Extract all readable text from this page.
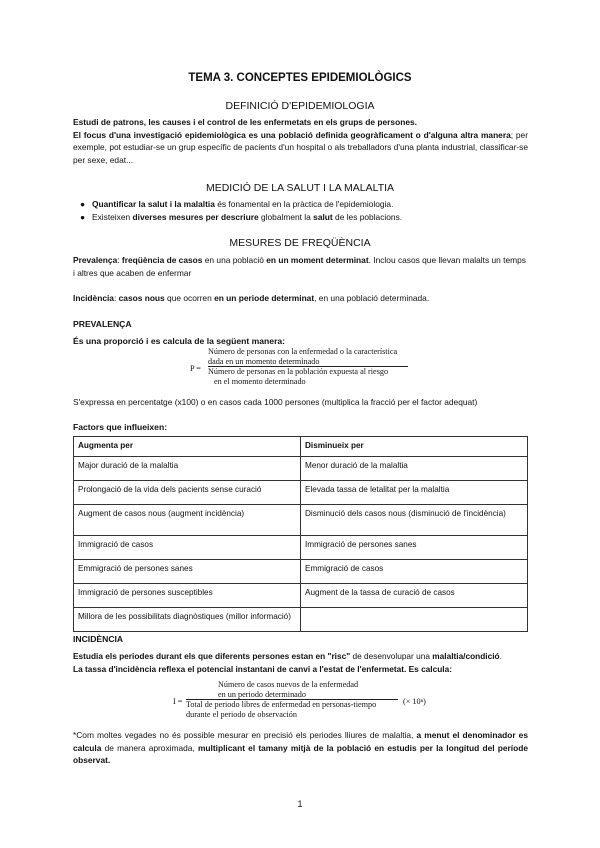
TEMA 3. CONCEPTES EPIDEMIOLÒGICS
DEFINICIÓ D'EPIDEMIOLOGIA
Estudi de patrons, les causes i el control de les enfermetats en els grups de persones.
El focus d'una investigació epidemiològica es una població definida geogràficament o d'alguna altra manera; per exemple, pot estudiar-se un grup específic de pacients d'un hospital o als treballadors d'una planta industrial, classificar-se per sexe, edat...
MEDICIÓ DE LA SALUT I LA MALALTIA
● Quantificar la salut i la malaltia és fonamental en la pràctica de l'epidemiologia.
● Existeixen diverses mesures per descriure globalment la salut de les poblacions.
MESURES DE FREQÜÈNCIA
Prevalença: freqüència de casos en una població en un moment determinat. Inclou casos que llevan malalts un temps i altres que acaben de enfermar
Incidència: casos nous que ocorren en un periode determinat, en una població determinada.
PREVALENÇA
És una proporció i es calcula de la següent manera:
P =
Número de personas con la enfermedad o la característica
dada en un momento determinado
Número de personas en la población expuesta al riesgo
en el momento determinado
S'expressa en percentatge (x100) o en casos cada 1000 persones (multiplica la fracció per el factor adequat)
Factors que influeixen:
Augmenta per	Disminueix per
Major duració de la malaltia	Menor duració de la malaltia
Prolongació de la vida dels pacients sense curació	Elevada tassa de letalitat per la malaltia
Augment de casos nous (augment incidència)	Disminució dels casos nous (disminució de l'incidència)
Immigració de casos	Immigració de persones sanes
Emmigració de persones sanes	Emmigració de casos
Immigració de persones susceptibles	Augment de la tassa de curació de casos
Millora de les possibilitats diagnòstiques (millor informació)	
INCIDÈNCIA
Estudia els periodes durant els que diferents persones estan en "risc" de desenvolupar una malaltia/condició.
La tassa d'incidència reflexa el potencial instantani de canvi a l'estat de l'enfermetat. Es calcula:
I =
Número de casos nuevos de la enfermedad
en un periodo determinado
Total de periodo libres de enfermedad en personas-tiempo
durante el periodo de observación
(× 10ⁿ)
*Com moltes vegades no és possible mesurar en precisió els periodes lliures de malaltia, a menut el denominador es calcula de manera aproximada, multiplicant el tamany mitjà de la població en estudis per la longitud del període observat.
1
